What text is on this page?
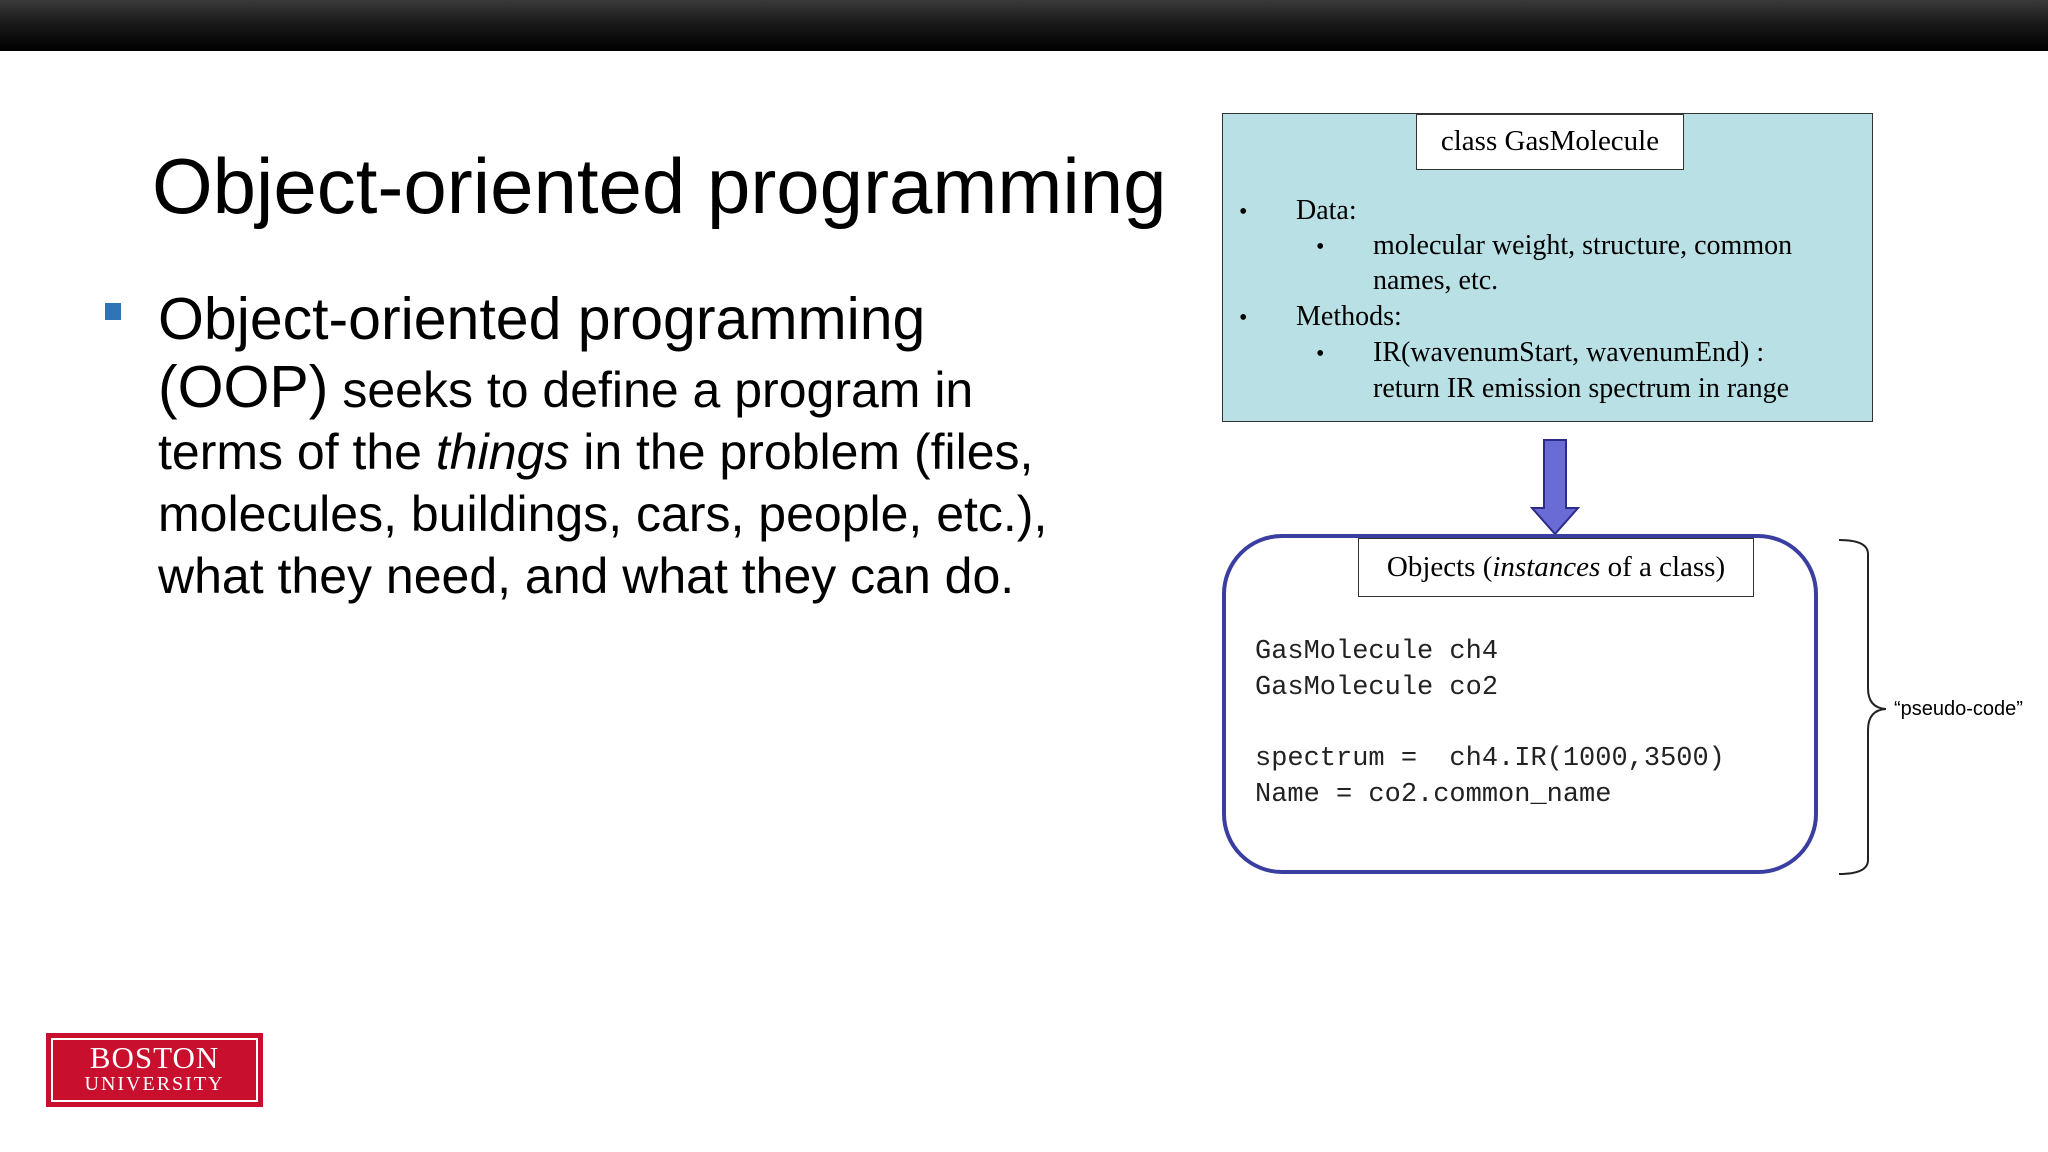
Object-oriented programming
Object-oriented programming (OOP) seeks to define a program in terms of the things in the problem (files, molecules, buildings, cars, people, etc.), what they need, and what they can do.
class GasMolecule
• Data:
• molecular weight, structure, common
names, etc.
• Methods:
• IR(wavenumStart, wavenumEnd) :
return IR emission spectrum in range
Objects (instances of a class)
GasMolecule ch4
GasMolecule co2
spectrum =  ch4.IR(1000,3500)
Name = co2.common_name
“pseudo-code”
BOSTON
UNIVERSITY
